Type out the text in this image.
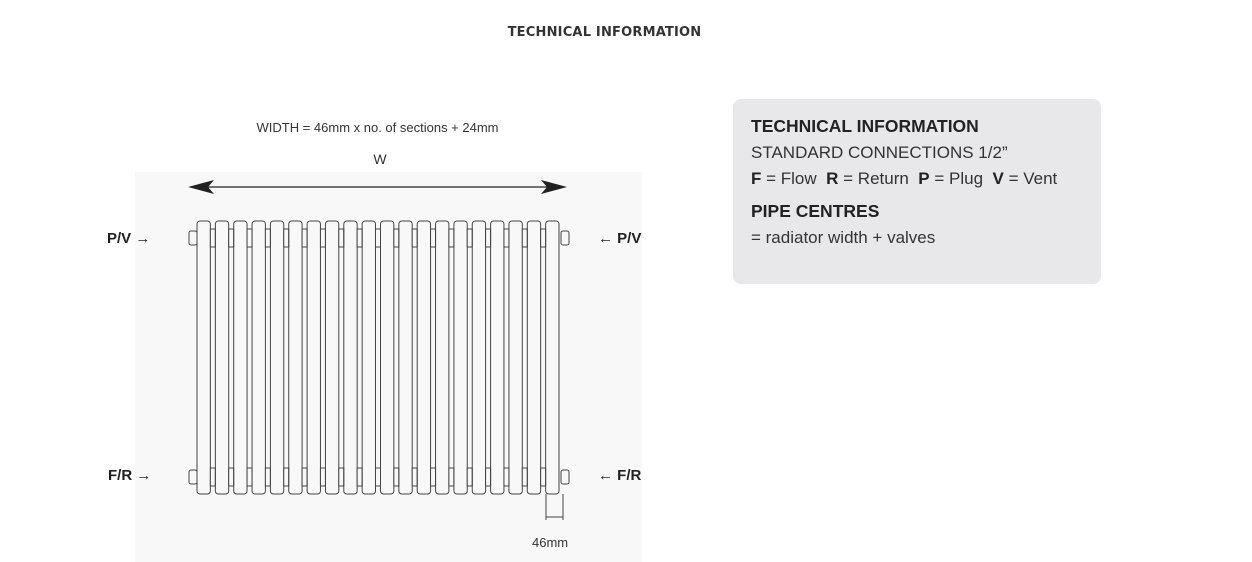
TECHNICAL INFORMATION
WIDTH = 46mm x no. of sections + 24mm
W
P/V →	← P/V
F/R →	← F/R
46mm
TECHNICAL INFORMATION
STANDARD CONNECTIONS 1/2”
F = Flow R = Return P = Plug V = Vent
PIPE CENTRES
= radiator width + valves
